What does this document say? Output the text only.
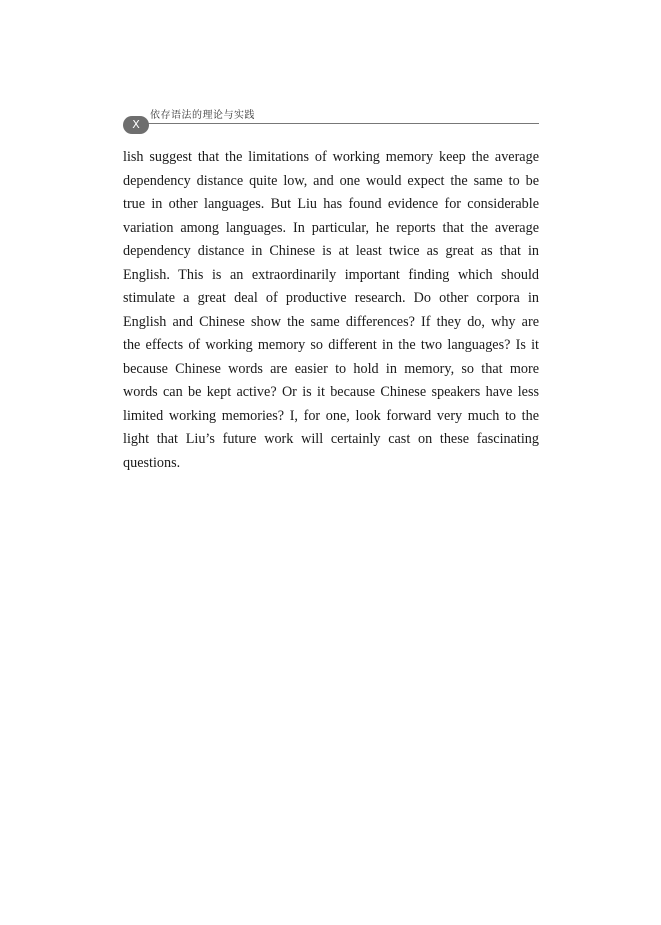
X
依存语法的理论与实践
lish suggest that the limitations of working memory keep the average
dependency distance quite low, and one would expect the same to be
true in other languages. But Liu has found evidence for considerable
variation among languages. In particular, he reports that the average
dependency distance in Chinese is at least twice as great as that in
English. This is an extraordinarily important finding which should
stimulate a great deal of productive research. Do other corpora in
English and Chinese show the same differences? If they do, why are
the effects of working memory so different in the two languages? Is it
because Chinese words are easier to hold in memory, so that more
words can be kept active? Or is it because Chinese speakers have less
limited working memories? I, for one, look forward very much to the
light that Liu’s future work will certainly cast on these fascinating
questions.
